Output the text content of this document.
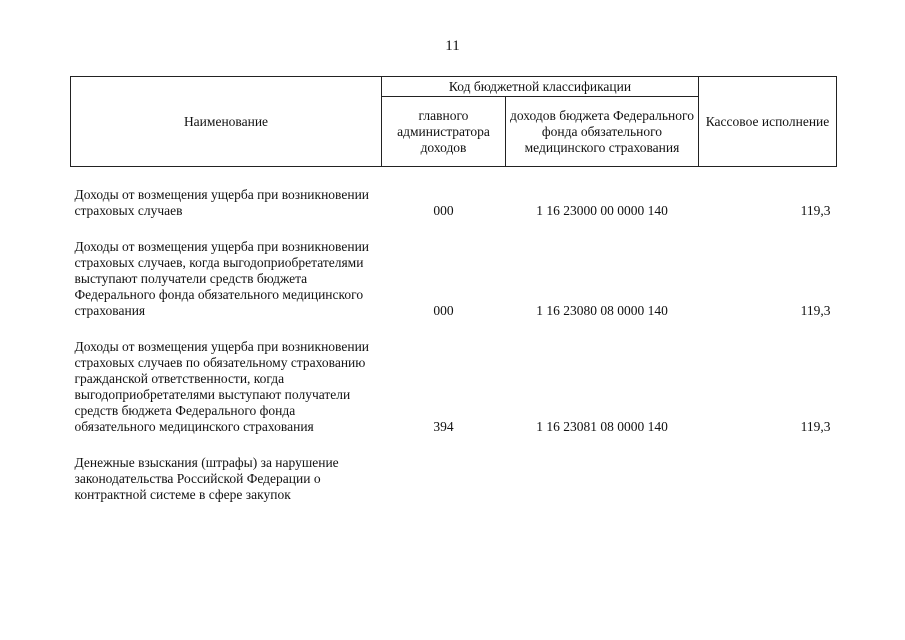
11
Наименование	Код бюджетной классификации		Кассовое исполнение
	главного администратора доходов	доходов бюджета Федерального фонда обязательного медицинского страхования	
Доходы от возмещения ущерба при возникновении страховых случаев	000	1 16 23000 00 0000 140	119,3
Доходы от возмещения ущерба при возникновении страховых случаев, когда выгодоприобретателями выступают получатели средств бюджета Федерального фонда обязательного медицинского страхования	000	1 16 23080 08 0000 140	119,3
Доходы от возмещения ущерба при возникновении страховых случаев по обязательному страхованию гражданской ответственности, когда выгодоприобретателями выступают получатели средств бюджета Федерального фонда обязательного медицинского страхования	394	1 16 23081 08 0000 140	119,3
Денежные взыскания (штрафы) за нарушение законодательства Российской Федерации о контрактной системе в сфере закупок			
